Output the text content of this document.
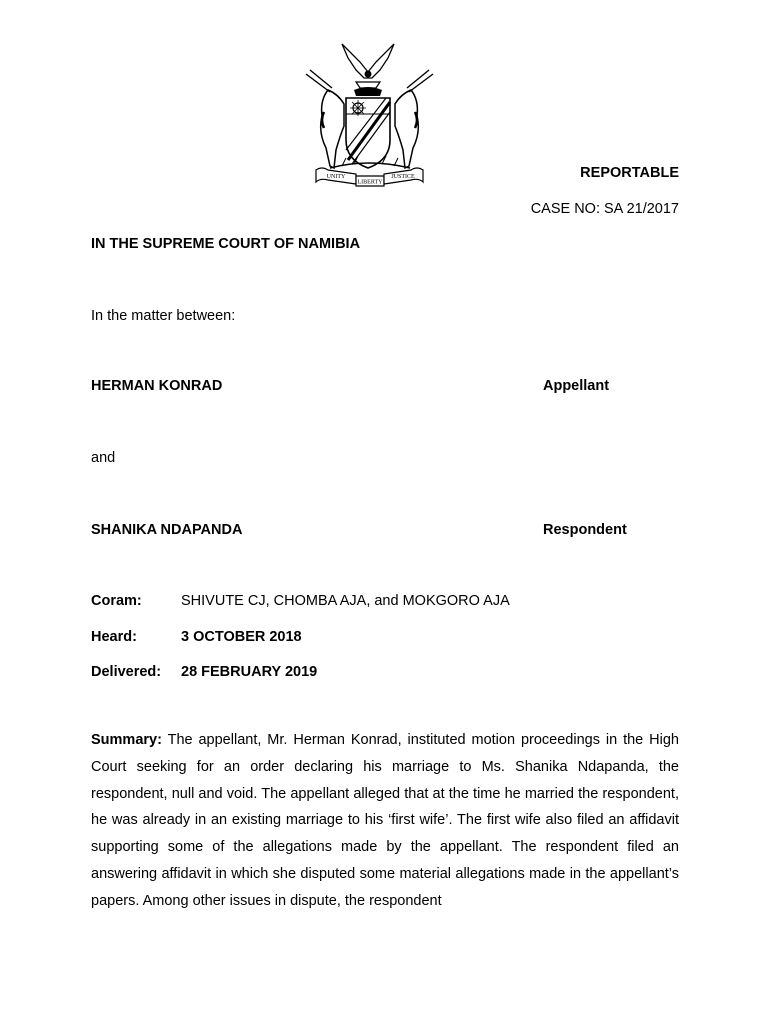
UNITY
LIBERTY
JUSTICE	REPORTABLE
CASE NO: SA 21/2017
IN THE SUPREME COURT OF NAMIBIA
In the matter between:
HERMAN KONRAD	Appellant
and
SHANIKA NDAPANDA	Respondent
Coram:	SHIVUTE CJ, CHOMBA AJA, and MOKGORO AJA
Heard:	3 OCTOBER 2018
Delivered: 28 FEBRUARY 2019
Summary: The appellant, Mr. Herman Konrad, instituted motion proceedings in the High Court seeking for an order declaring his marriage to Ms. Shanika Ndapanda, the respondent, null and void. The appellant alleged that at the time he married the respondent, he was already in an existing marriage to his ‘first wife’. The first wife also filed an affidavit supporting some of the allegations made by the appellant. The respondent filed an answering affidavit in which she disputed some material allegations made in the appellant’s papers. Among other issues in dispute, the respondent
